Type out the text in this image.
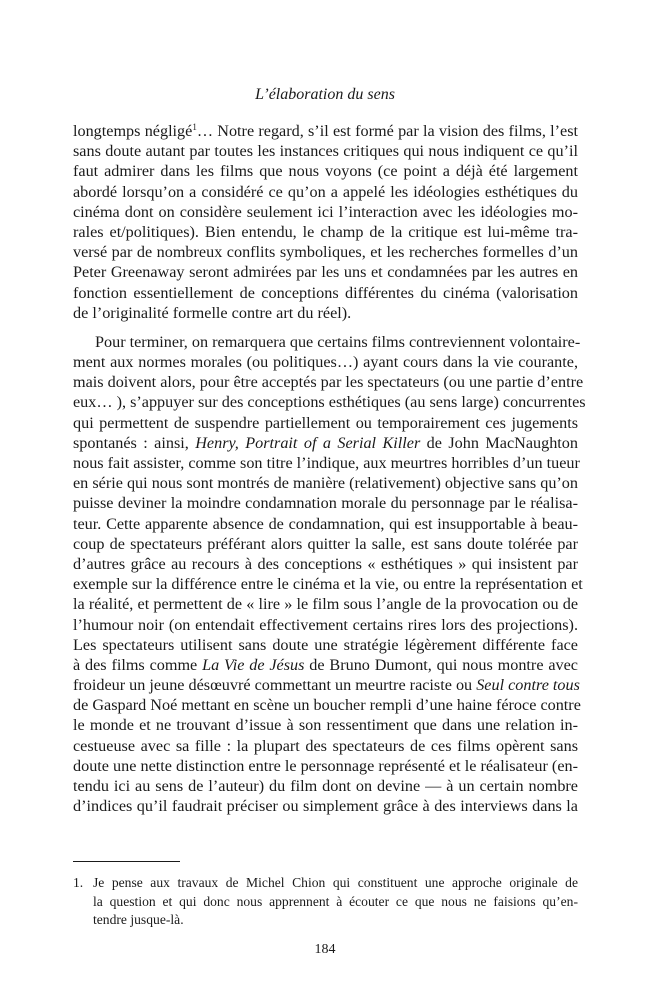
L’élaboration du sens
longtemps négligé$^1$… Notre regard, s’il est formé par la vision des films, l’est
sans doute autant par toutes les instances critiques qui nous indiquent ce qu’il
faut admirer dans les films que nous voyons (ce point a déjà été largement
abordé lorsqu’on a considéré ce qu’on a appelé les idéologies esthétiques du
cinéma dont on considère seulement ici l’interaction avec les idéologies mo-
rales et/politiques). Bien entendu, le champ de la critique est lui-même tra-
versé par de nombreux conflits symboliques, et les recherches formelles d’un
Peter Greenaway seront admirées par les uns et condamnées par les autres en
fonction essentiellement de conceptions différentes du cinéma (valorisation
de l’originalité formelle contre art du réel).
Pour terminer, on remarquera que certains films contreviennent volontaire-
ment aux normes morales (ou politiques…) ayant cours dans la vie courante,
mais doivent alors, pour être acceptés par les spectateurs (ou une partie d’entre
eux… ), s’appuyer sur des conceptions esthétiques (au sens large) concurrentes
qui permettent de suspendre partiellement ou temporairement ces jugements
spontanés : ainsi, Henry, Portrait of a Serial Killer de John MacNaughton
nous fait assister, comme son titre l’indique, aux meurtres horribles d’un tueur
en série qui nous sont montrés de manière (relativement) objective sans qu’on
puisse deviner la moindre condamnation morale du personnage par le réalisa-
teur. Cette apparente absence de condamnation, qui est insupportable à beau-
coup de spectateurs préférant alors quitter la salle, est sans doute tolérée par
d’autres grâce au recours à des conceptions « esthétiques » qui insistent par
exemple sur la différence entre le cinéma et la vie, ou entre la représentation et
la réalité, et permettent de « lire » le film sous l’angle de la provocation ou de
l’humour noir (on entendait effectivement certains rires lors des projections).
Les spectateurs utilisent sans doute une stratégie légèrement différente face
à des films comme La Vie de Jésus de Bruno Dumont, qui nous montre avec
froideur un jeune désœuvré commettant un meurtre raciste ou Seul contre tous
de Gaspard Noé mettant en scène un boucher rempli d’une haine féroce contre
le monde et ne trouvant d’issue à son ressentiment que dans une relation in-
cestueuse avec sa fille : la plupart des spectateurs de ces films opèrent sans
doute une nette distinction entre le personnage représenté et le réalisateur (en-
tendu ici au sens de l’auteur) du film dont on devine — à un certain nombre
d’indices qu’il faudrait préciser ou simplement grâce à des interviews dans la
1. Je pense aux travaux de Michel Chion qui constituent une approche originale de
la question et qui donc nous apprennent à écouter ce que nous ne faisions qu’en-
tendre jusque-là.
184
